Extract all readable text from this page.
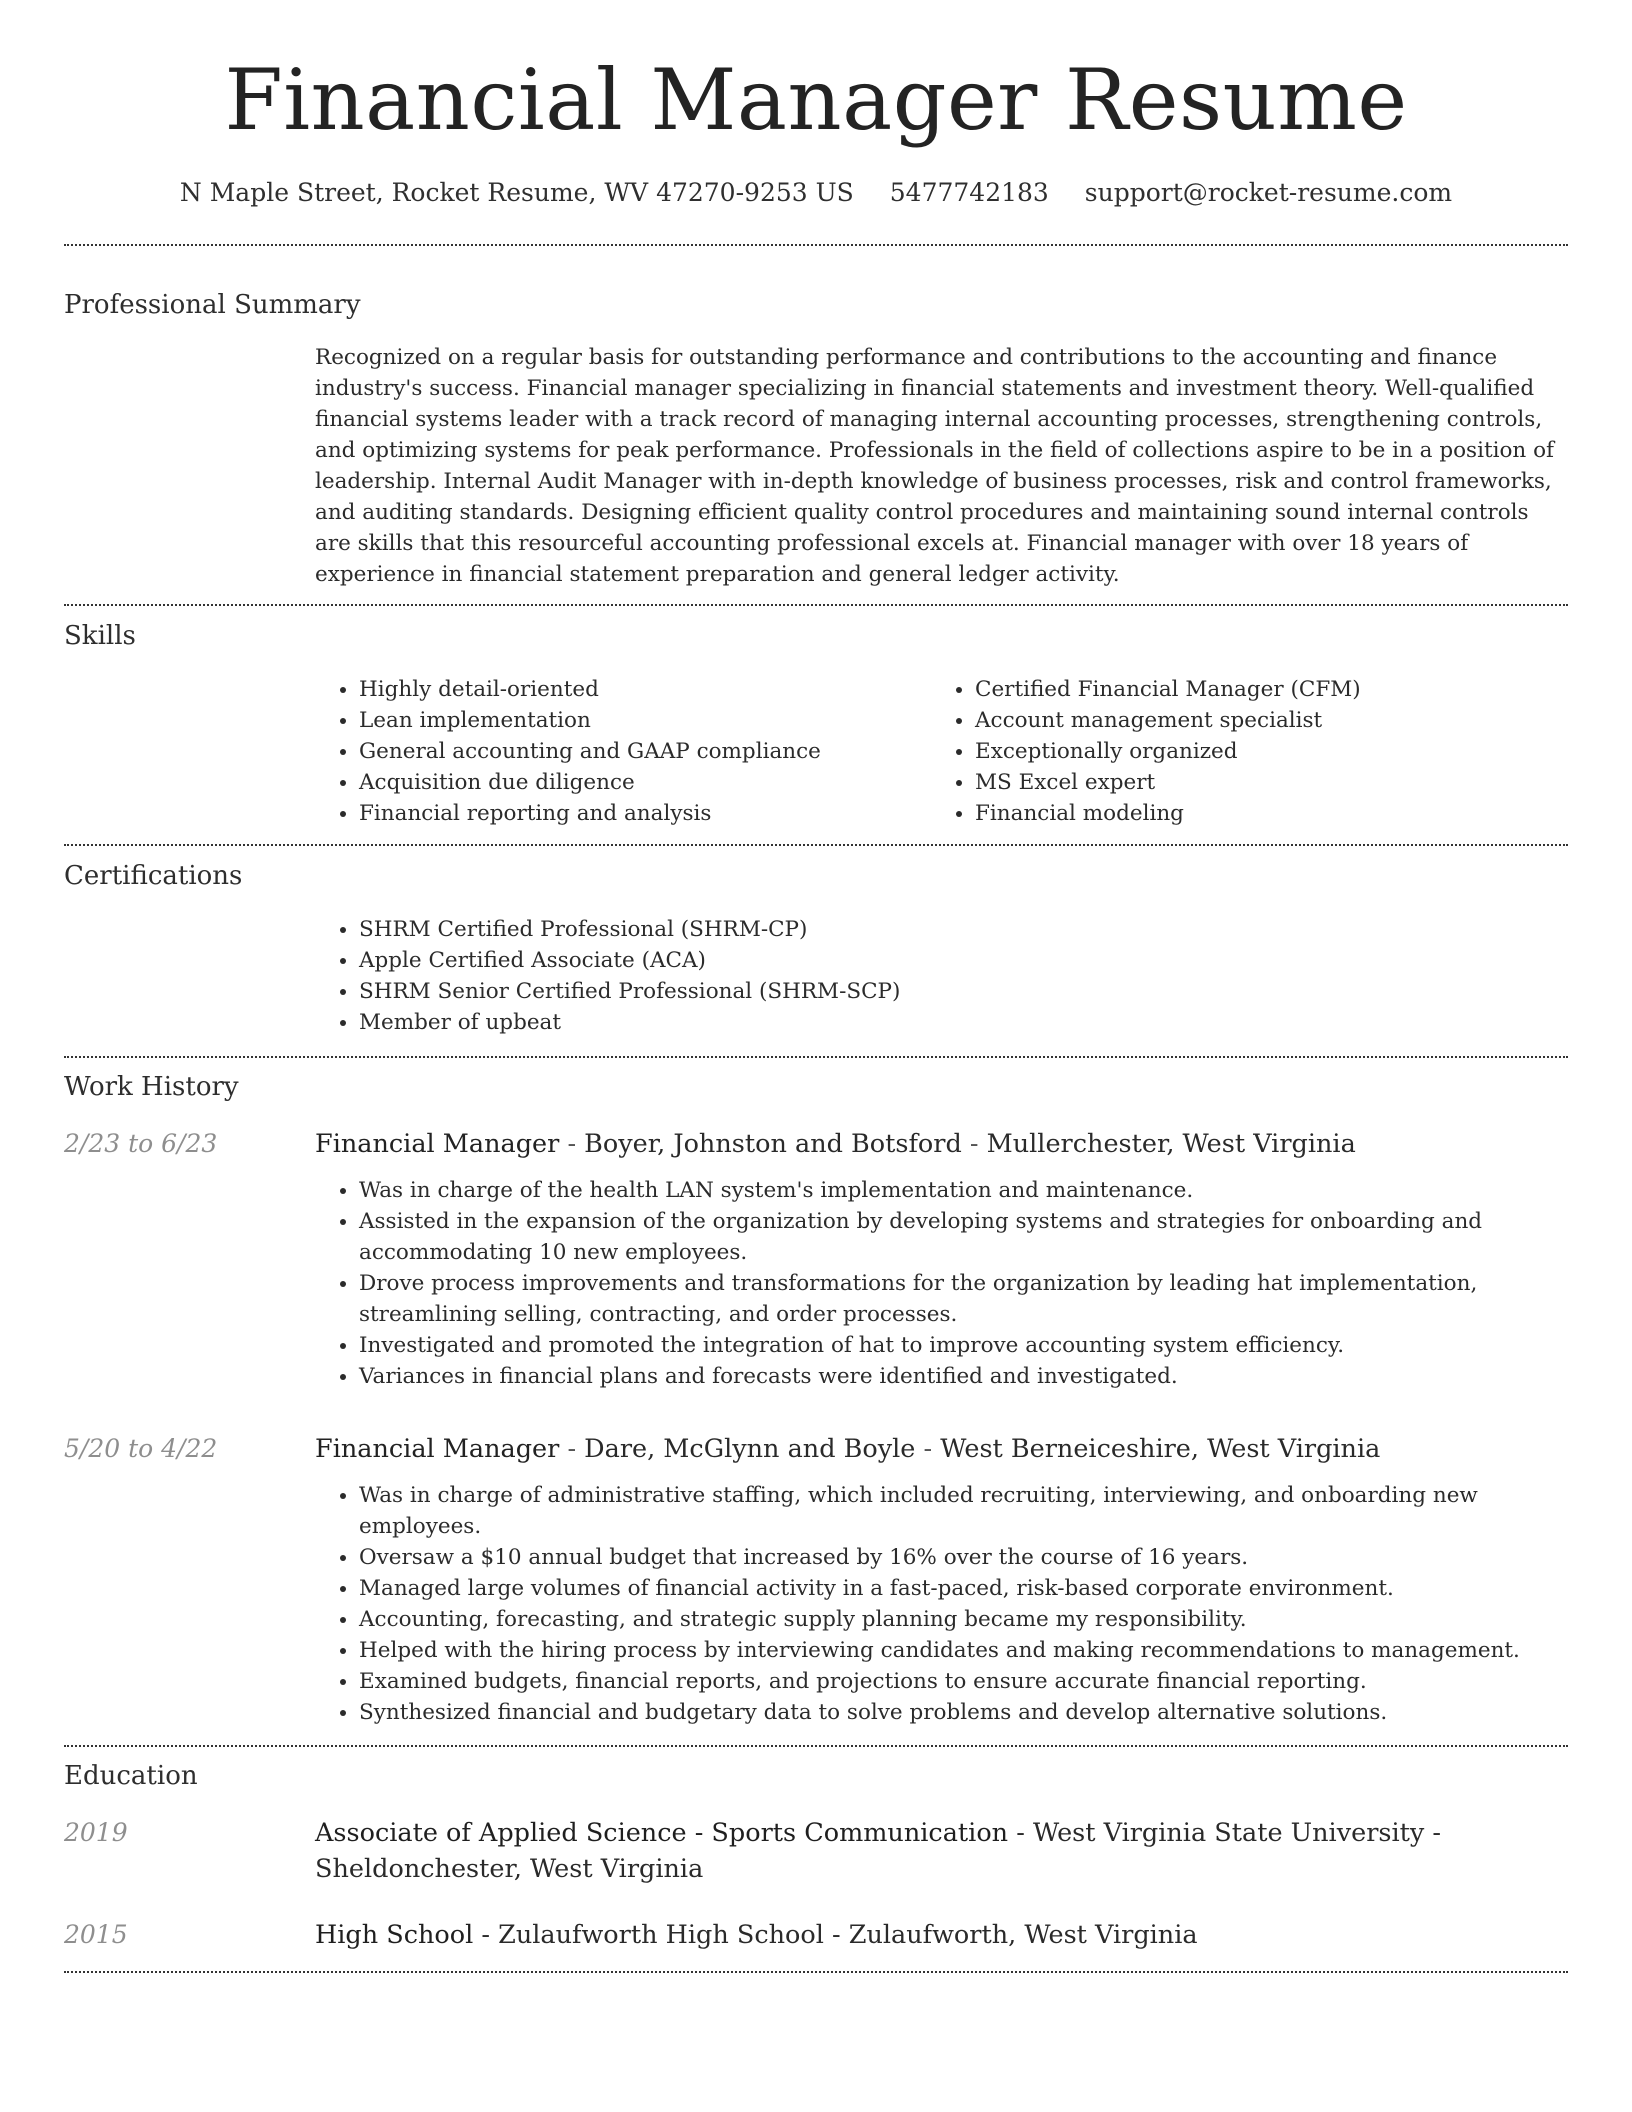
Financial Manager Resume
N Maple Street, Rocket Resume, WV 47270-9253 US 5477742183 support@rocket-resume.com
Professional Summary
Recognized on a regular basis for outstanding performance and contributions to the accounting and finance industry's success. Financial manager specializing in financial statements and investment theory. Well-qualified financial systems leader with a track record of managing internal accounting processes, strengthening controls, and optimizing systems for peak performance. Professionals in the field of collections aspire to be in a position of leadership. Internal Audit Manager with in-depth knowledge of business processes, risk and control frameworks, and auditing standards. Designing efficient quality control procedures and maintaining sound internal controls are skills that this resourceful accounting professional excels at. Financial manager with over 18 years of experience in financial statement preparation and general ledger activity.
Skills
• Highly detail-oriented
• Lean implementation
• General accounting and GAAP compliance
• Acquisition due diligence
• Financial reporting and analysis
• Certified Financial Manager (CFM)
• Account management specialist
• Exceptionally organized
• MS Excel expert
• Financial modeling
Certifications
• SHRM Certified Professional (SHRM-CP)
• Apple Certified Associate (ACA)
• SHRM Senior Certified Professional (SHRM-SCP)
• Member of upbeat
Work History
2/23 to 6/23	Financial Manager - Boyer, Johnston and Botsford - Mullerchester, West Virginia
• Was in charge of the health LAN system's implementation and maintenance.
• Assisted in the expansion of the organization by developing systems and strategies for onboarding and accommodating 10 new employees.
• Drove process improvements and transformations for the organization by leading hat implementation, streamlining selling, contracting, and order processes.
• Investigated and promoted the integration of hat to improve accounting system efficiency.
• Variances in financial plans and forecasts were identified and investigated.
5/20 to 4/22	Financial Manager - Dare, McGlynn and Boyle - West Berneiceshire, West Virginia
• Was in charge of administrative staffing, which included recruiting, interviewing, and onboarding new employees.
• Oversaw a $10 annual budget that increased by 16% over the course of 16 years.
• Managed large volumes of financial activity in a fast-paced, risk-based corporate environment.
• Accounting, forecasting, and strategic supply planning became my responsibility.
• Helped with the hiring process by interviewing candidates and making recommendations to management.
• Examined budgets, financial reports, and projections to ensure accurate financial reporting.
• Synthesized financial and budgetary data to solve problems and develop alternative solutions.
Education
2019	Associate of Applied Science - Sports Communication - West Virginia State University - Sheldonchester, West Virginia
2015	High School - Zulaufworth High School - Zulaufworth, West Virginia
